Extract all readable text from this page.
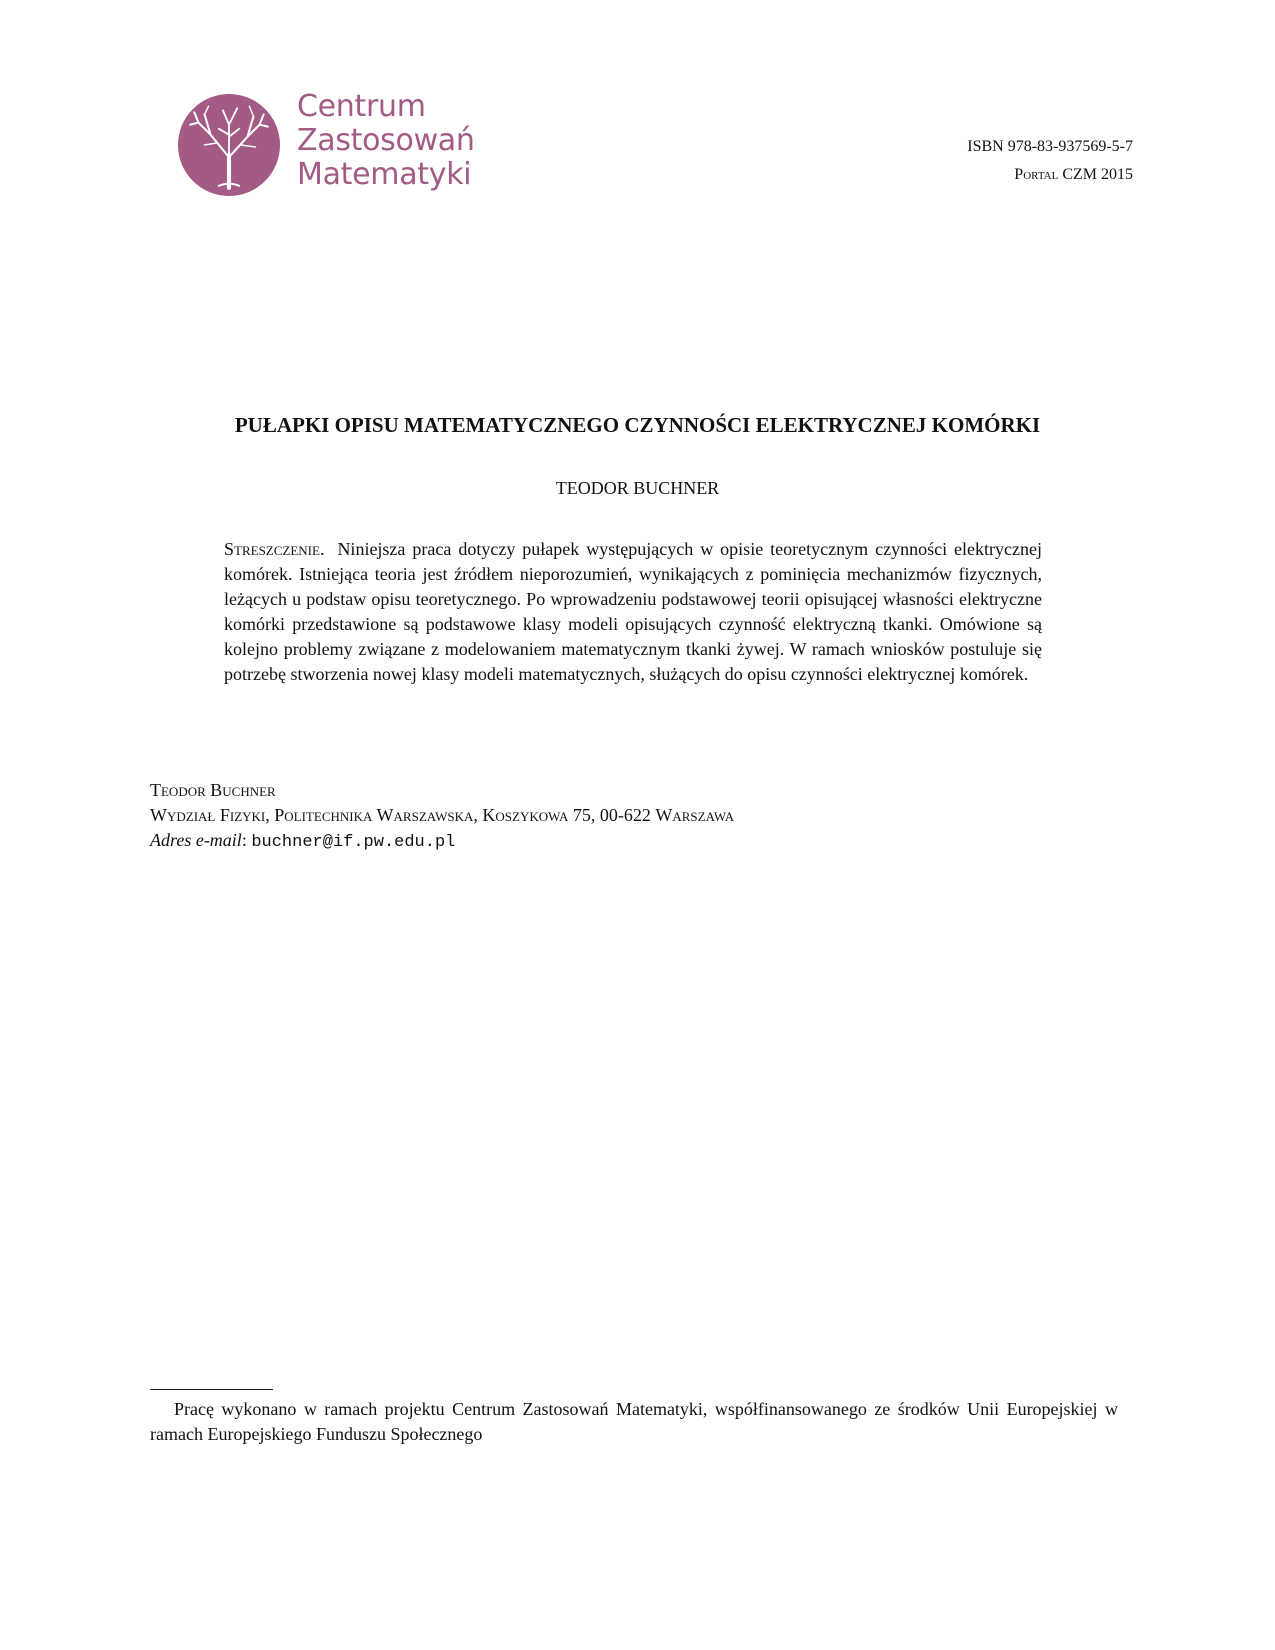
Centrum
Zastosowań
Matematyki
ISBN 978-83-937569-5-7
Portal CZM 2015
PUŁAPKI OPISU MATEMATYCZNEGO CZYNNOŚCI ELEKTRYCZNEJ KOMÓRKI
TEODOR BUCHNER
Streszczenie. Niniejsza praca dotyczy pułapek występujących w opisie teoretycznym czynności elektrycznej komórek. Istniejąca teoria jest źródłem nieporozumień, wynikających z pominięcia mechanizmów fizycznych, leżących u podstaw opisu teoretycznego. Po wprowadzeniu podstawowej teorii opisującej własności elektryczne komórki przedstawione są podstawowe klasy modeli opisujących czynność elektryczną tkanki. Omówione są kolejno problemy związane z modelowaniem matematycznym tkanki żywej. W ramach wniosków postuluje się potrzebę stworzenia nowej klasy modeli matematycznych, służących do opisu czynności elektrycznej komórek.
Teodor Buchner
Wydział Fizyki, Politechnika Warszawska, Koszykowa 75, 00-622 Warszawa
Adres e-mail: buchner@if.pw.edu.pl
Pracę wykonano w ramach projektu Centrum Zastosowań Matematyki, współfinansowanego ze środków Unii Europejskiej w ramach Europejskiego Funduszu Społecznego
